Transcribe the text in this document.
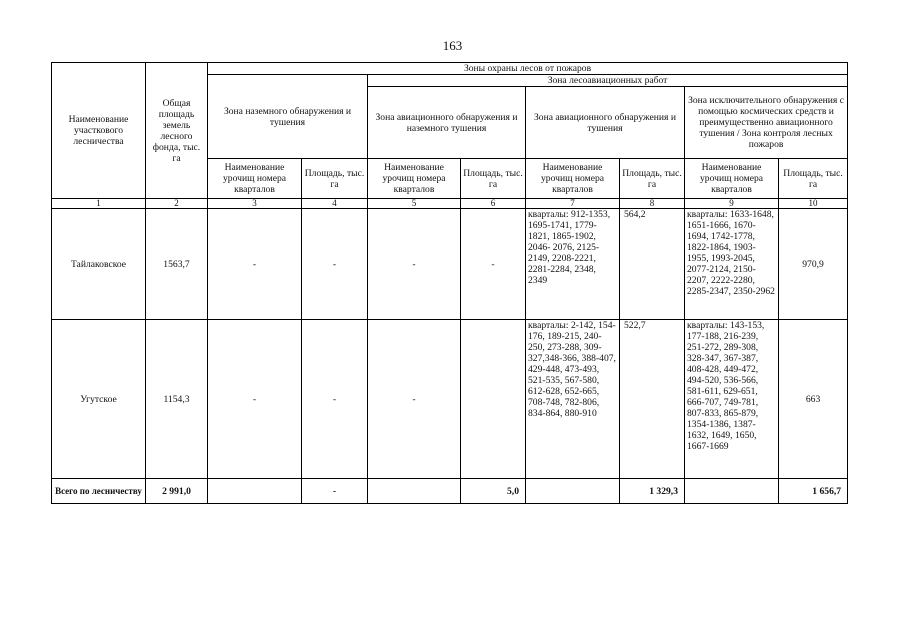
163
Наименование участкового лесничества	Общая площадь земель лесного фонда, тыс. га	Зоны охраны лесов от пожаров							
		Зона наземного обнаружения и тушения		Зона лесоавиационных работ					
				Зона авиационного обнаружения и наземного тушения		Зона авиационного обнаружения и тушения		Зона исключительного обнаружения с помощью космических средств и преимущественно авиационного тушения / Зона контроля лесных пожаров	
		Наименование урочищ номера кварталов	Площадь, тыс. га	Наименование урочищ номера кварталов	Площадь, тыс. га	Наименование урочищ номера кварталов	Площадь, тыс. га	Наименование урочищ номера кварталов	Площадь, тыс. га
1	2	3	4	5	6	7	8	9	10
Тайлаковское	1563,7	-	-	-	-	кварталы: 912-1353, 1695-1741, 1779-1821, 1865-1902, 2046- 2076, 2125-2149, 2208-2221, 2281-2284, 2348, 2349	564,2	кварталы: 1633-1648, 1651-1666, 1670-1694, 1742-1778, 1822-1864, 1903-1955, 1993-2045, 2077-2124, 2150-2207, 2222-2280, 2285-2347, 2350-2962	970,9
Угутское	1154,3	-	-	-		кварталы: 2-142, 154-176, 189-215, 240-250, 273-288, 309-327,348-366, 388-407, 429-448, 473-493, 521-535, 567-580, 612-628, 652-665, 708-748, 782-806, 834-864, 880-910	522,7	кварталы: 143-153, 177-188, 216-239, 251-272, 289-308, 328-347, 367-387, 408-428, 449-472, 494-520, 536-566, 581-611, 629-651, 666-707, 749-781, 807-833, 865-879, 1354-1386, 1387-1632, 1649, 1650, 1667-1669	663
Всего по лесничеству	2 991,0		-		5,0		1 329,3		1 656,7
